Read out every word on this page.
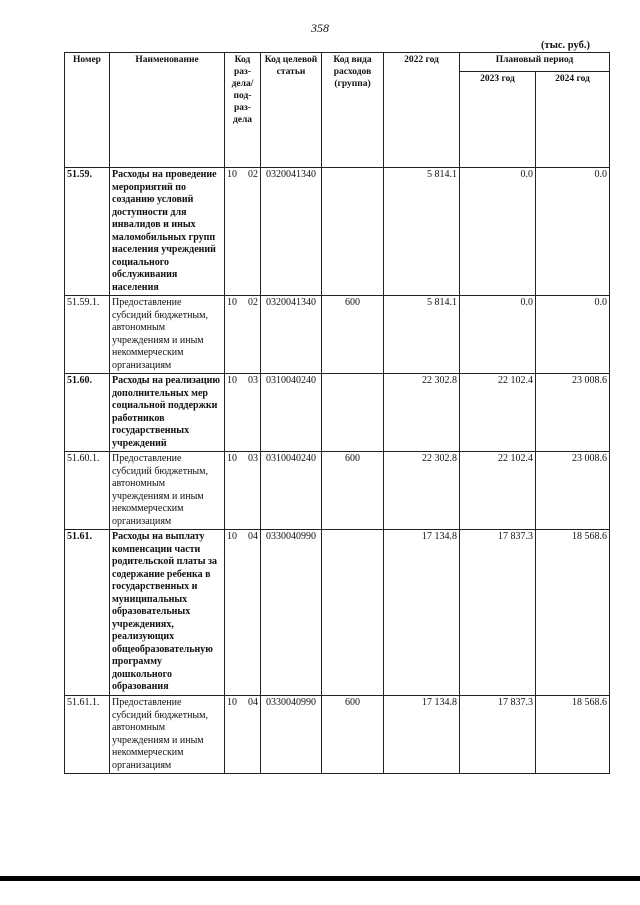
358
(тыс. руб.)
Номер	Наименование	Код раз-дела/ под-раз-дела	Код целевой статьи	Код вида расходов (группа)	2022 год	Плановый период	
						2023 год	2024 год
51.59.	Расходы на проведение мероприятий по созданию условий доступности для инвалидов и иных маломобильных групп населения учреждений социального обслуживания населения	10 02	0320041340		5 814.1	0.0	0.0
51.59.1.	Предоставление субсидий бюджетным, автономным учреждениям и иным некоммерческим организациям	10 02	0320041340	600	5 814.1	0.0	0.0
51.60.	Расходы на реализацию дополнительных мер социальной поддержки работников государственных учреждений	10 03	0310040240		22 302.8	22 102.4	23 008.6
51.60.1.	Предоставление субсидий бюджетным, автономным учреждениям и иным некоммерческим организациям	10 03	0310040240	600	22 302.8	22 102.4	23 008.6
51.61.	Расходы на выплату компенсации части родительской платы за содержание ребенка в государственных и муниципальных образовательных учреждениях, реализующих общеобразовательную программу дошкольного образования	10 04	0330040990		17 134.8	17 837.3	18 568.6
51.61.1.	Предоставление субсидий бюджетным, автономным учреждениям и иным некоммерческим организациям	10 04	0330040990	600	17 134.8	17 837.3	18 568.6
